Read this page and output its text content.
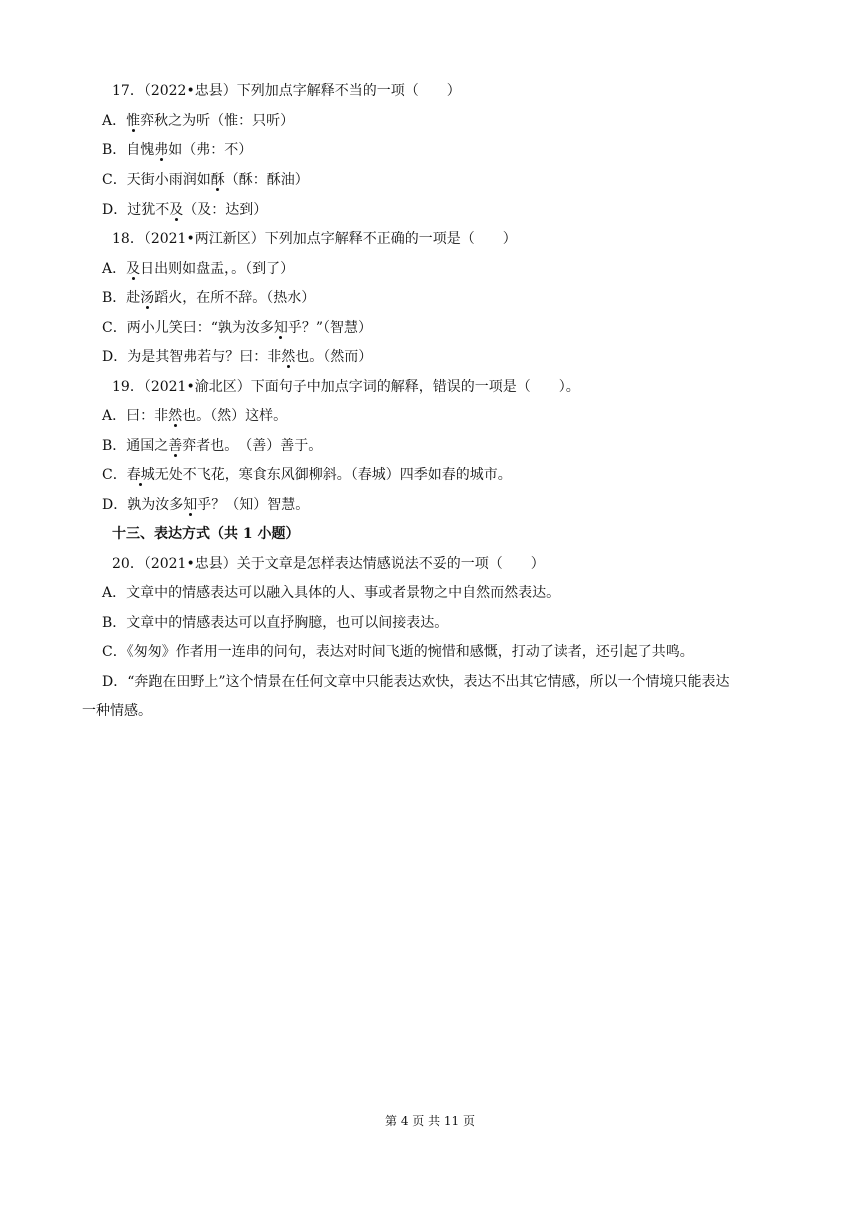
17．（2022•忠县）下列加点字解释不当的一项（　　）
A．惟弈秋之为听（惟：只听）
B．自愧弗如（弗：不）
C．天街小雨润如酥（酥：酥油）
D．过犹不及（及：达到）
18．（2021•两江新区）下列加点字解释不正确的一项是（　　）
A．及日出则如盘盂，。（到了）
B．赴汤蹈火，在所不辞。（热水）
C．两小儿笑曰：“孰为汝多知乎？”（智慧）
D．为是其智弗若与？曰：非然也。（然而）
19．（2021•渝北区）下面句子中加点字词的解释，错误的一项是（　　）。
A．曰：非然也。（然）这样。
B．通国之善弈者也。　（善）善于。
C．春城无处不飞花，寒食东风御柳斜。（春城）四季如春的城市。
D．孰为汝多知乎？（知）智慧。
十三、表达方式（共 1 小题）
20．（2021•忠县）关于文章是怎样表达情感说法不妥的一项（　　）
A．文章中的情感表达可以融入具体的人、事或者景物之中自然而然表达。
B．文章中的情感表达可以直抒胸臆，也可以间接表达。
C．《匆匆》作者用一连串的问句，表达对时间飞逝的惋惜和感慨，打动了读者，还引起了共鸣。
D．“奔跑在田野上”这个情景在任何文章中只能表达欢快，表达不出其它情感，所以一个情境只能表达
一种情感。
第 4 页 共 11 页
